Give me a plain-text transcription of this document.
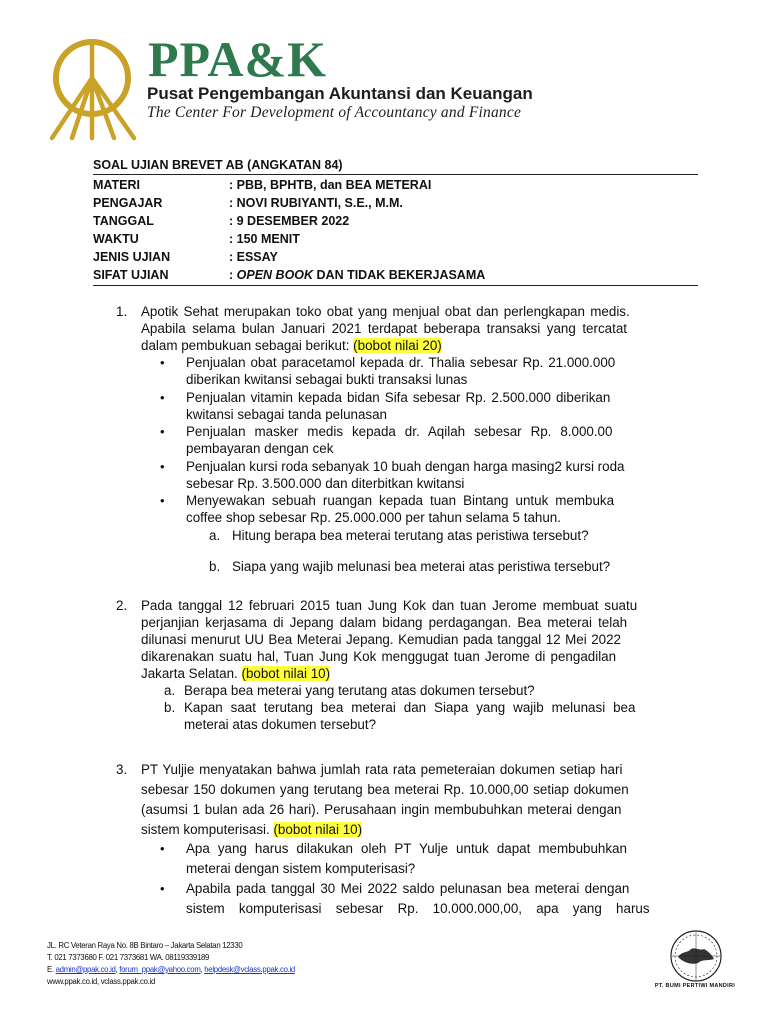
PPA&K
Pusat Pengembangan Akuntansi dan Keuangan
The Center For Development of Accountancy and Finance
SOAL UJIAN BREVET AB (ANGKATAN 84)
MATERI	: PBB, BPHTB, dan BEA METERAI
PENGAJAR	: NOVI RUBIYANTI, S.E., M.M.
TANGGAL	: 9 DESEMBER 2022
WAKTU	: 150 MENIT
JENIS UJIAN	: ESSAY
SIFAT UJIAN	: OPEN BOOK DAN TIDAK BEKERJASAMA
1. Apotik Sehat merupakan toko obat yang menjual obat dan perlengkapan medis.
Apabila selama bulan Januari 2021 terdapat beberapa transaksi yang tercatat
dalam pembukuan sebagai berikut: (bobot nilai 20)
• Penjualan obat paracetamol kepada dr. Thalia sebesar Rp. 21.000.000
diberikan kwitansi sebagai bukti transaksi lunas
• Penjualan vitamin kepada bidan Sifa sebesar Rp. 2.500.000 diberikan
kwitansi sebagai tanda pelunasan
• Penjualan masker medis kepada dr. Aqilah sebesar Rp. 8.000.00
pembayaran dengan cek
• Penjualan kursi roda sebanyak 10 buah dengan harga masing2 kursi roda
sebesar Rp. 3.500.000 dan diterbitkan kwitansi
• Menyewakan sebuah ruangan kepada tuan Bintang untuk membuka
coffee shop sebesar Rp. 25.000.000 per tahun selama 5 tahun.
a. Hitung berapa bea meterai terutang atas peristiwa tersebut?
b. Siapa yang wajib melunasi bea meterai atas peristiwa tersebut?
2. Pada tanggal 12 februari 2015 tuan Jung Kok dan tuan Jerome membuat suatu
perjanjian kerjasama di Jepang dalam bidang perdagangan. Bea meterai telah
dilunasi menurut UU Bea Meterai Jepang. Kemudian pada tanggal 12 Mei 2022
dikarenakan suatu hal, Tuan Jung Kok menggugat tuan Jerome di pengadilan
Jakarta Selatan. (bobot nilai 10)
a. Berapa bea meterai yang terutang atas dokumen tersebut?
b. Kapan saat terutang bea meterai dan Siapa yang wajib melunasi bea
meterai atas dokumen tersebut?
3. PT Yuljie menyatakan bahwa jumlah rata rata pemeteraian dokumen setiap hari
sebesar 150 dokumen yang terutang bea meterai Rp. 10.000,00 setiap dokumen
(asumsi 1 bulan ada 26 hari). Perusahaan ingin membubuhkan meterai dengan
sistem komputerisasi. (bobot nilai 10)
• Apa yang harus dilakukan oleh PT Yulje untuk dapat membubuhkan
meterai dengan sistem komputerisasi?
• Apabila pada tanggal 30 Mei 2022 saldo pelunasan bea meterai dengan
sistem komputerisasi sebesar Rp. 10.000.000,00, apa yang harus
JL. RC Veteran Raya No. 8B Bintaro – Jakarta Selatan 12330
T. 021 7373680 F. 021 7373681 WA. 08119339189
E. admin@ppak.co.id, forum_ppak@yahoo.com, helpdesk@vclass.ppak.co.id
www.ppak.co.id, vclass.ppak.co.id	PT. BUMI PERTIWI MANDIRI
